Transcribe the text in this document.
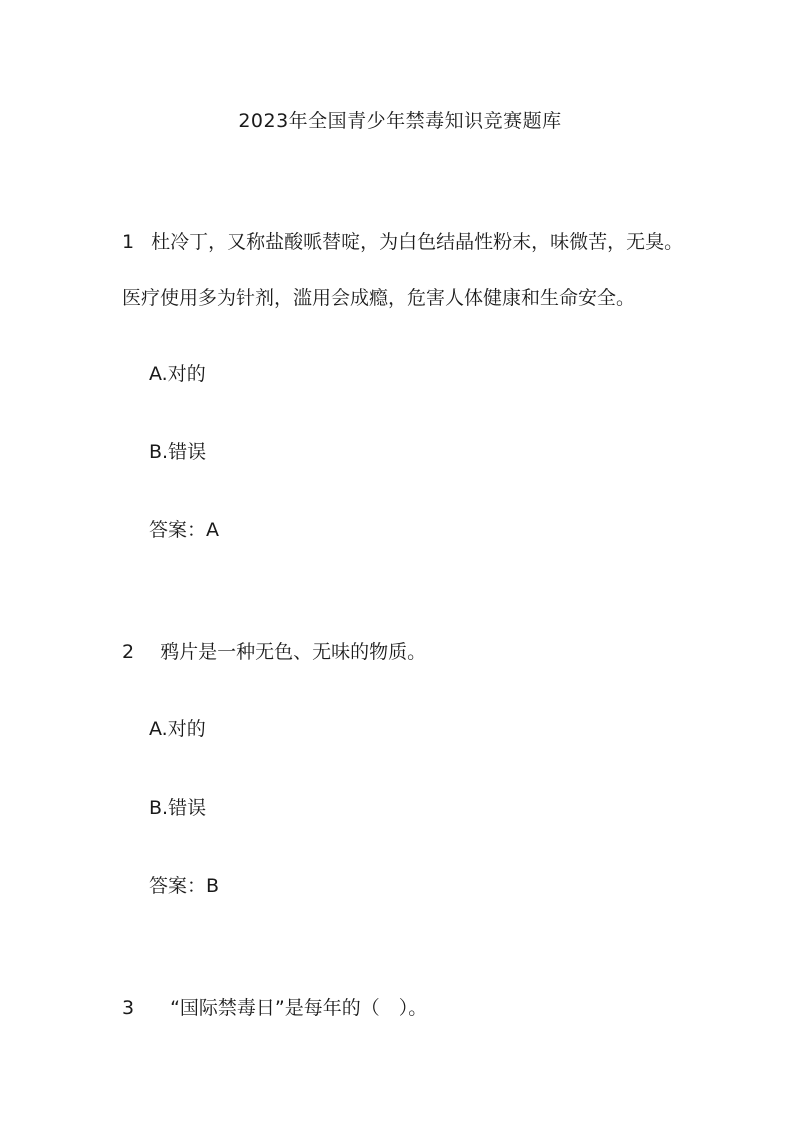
2023年全国青少年禁毒知识竞赛题库
1 杜冷丁，又称盐酸哌替啶，为白色结晶性粉末，味微苦，无臭。
医疗使用多为针剂，滥用会成瘾，危害人体健康和生命安全。
A.对的
B.错误
答案：A
2 鸦片是一种无色、无味的物质。
A.对的
B.错误
答案：B
3 “国际禁毒日”是每年的（　）。
